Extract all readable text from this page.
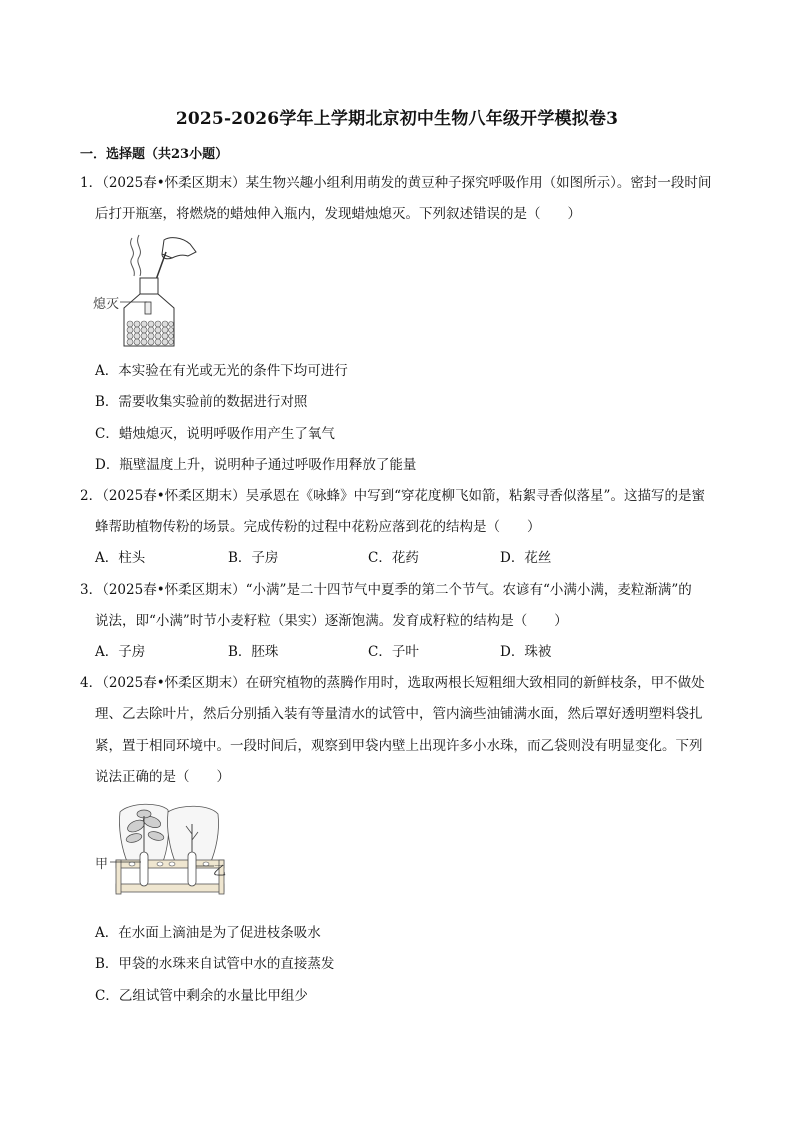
2025-2026学年上学期北京初中生物八年级开学模拟卷3
一．选择题（共23小题）
1．（2025春•怀柔区期末）某生物兴趣小组利用萌发的黄豆种子探究呼吸作用（如图所示）。密封一段时间
后打开瓶塞，将燃烧的蜡烛伸入瓶内，发现蜡烛熄灭。下列叙述错误的是（　　）
熄灭
A．本实验在有光或无光的条件下均可进行
B．需要收集实验前的数据进行对照
C．蜡烛熄灭，说明呼吸作用产生了氧气
D．瓶壁温度上升，说明种子通过呼吸作用释放了能量
2．（2025春•怀柔区期末）吴承恩在《咏蜂》中写到“穿花度柳飞如箭，粘絮寻香似落星”。这描写的是蜜
蜂帮助植物传粉的场景。完成传粉的过程中花粉应落到花的结构是（　　）
A．柱头	B．子房	C．花药	D．花丝
3．（2025春•怀柔区期末）“小满”是二十四节气中夏季的第二个节气。农谚有“小满小满，麦粒渐满”的
说法，即“小满”时节小麦籽粒（果实）逐渐饱满。发育成籽粒的结构是（　　）
A．子房	B．胚珠	C．子叶	D．珠被
4．（2025春•怀柔区期末）在研究植物的蒸腾作用时，选取两根长短粗细大致相同的新鲜枝条，甲不做处
理、乙去除叶片，然后分别插入装有等量清水的试管中，管内滴些油铺满水面，然后罩好透明塑料袋扎
紧，置于相同环境中。一段时间后，观察到甲袋内壁上出现许多小水珠，而乙袋则没有明显变化。下列
说法正确的是（　　）
甲	乙
A．在水面上滴油是为了促进枝条吸水
B．甲袋的水珠来自试管中水的直接蒸发
C．乙组试管中剩余的水量比甲组少
